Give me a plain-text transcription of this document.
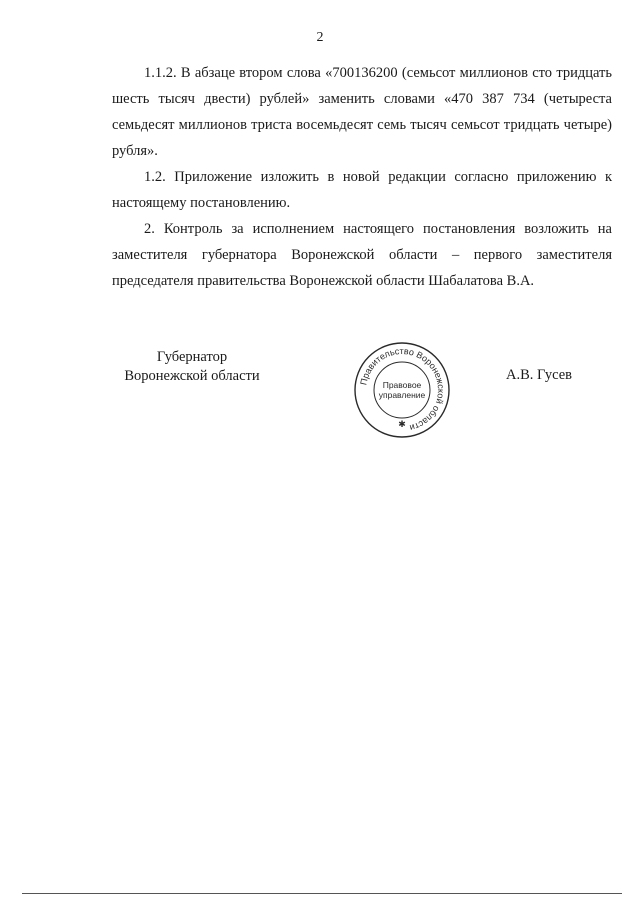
2

1.1.2. В абзаце втором слова «700136200 (семьсот миллионов сто тридцать шесть тысяч двести) рублей» заменить словами «470 387 734 (четыреста семьдесят миллионов триста восемьдесят семь тысяч семьсот тридцать четыре) рубля».

1.2. Приложение изложить в новой редакции согласно приложению к настоящему постановлению.

2. Контроль за исполнением настоящего постановления возложить на заместителя губернатора Воронежской области – первого заместителя председателя правительства Воронежской области Шабалатова В.А.

Губернатор
Воронежской области	Правительство Воронежской области
Правовое
управление
✱
А.В. Гусев
